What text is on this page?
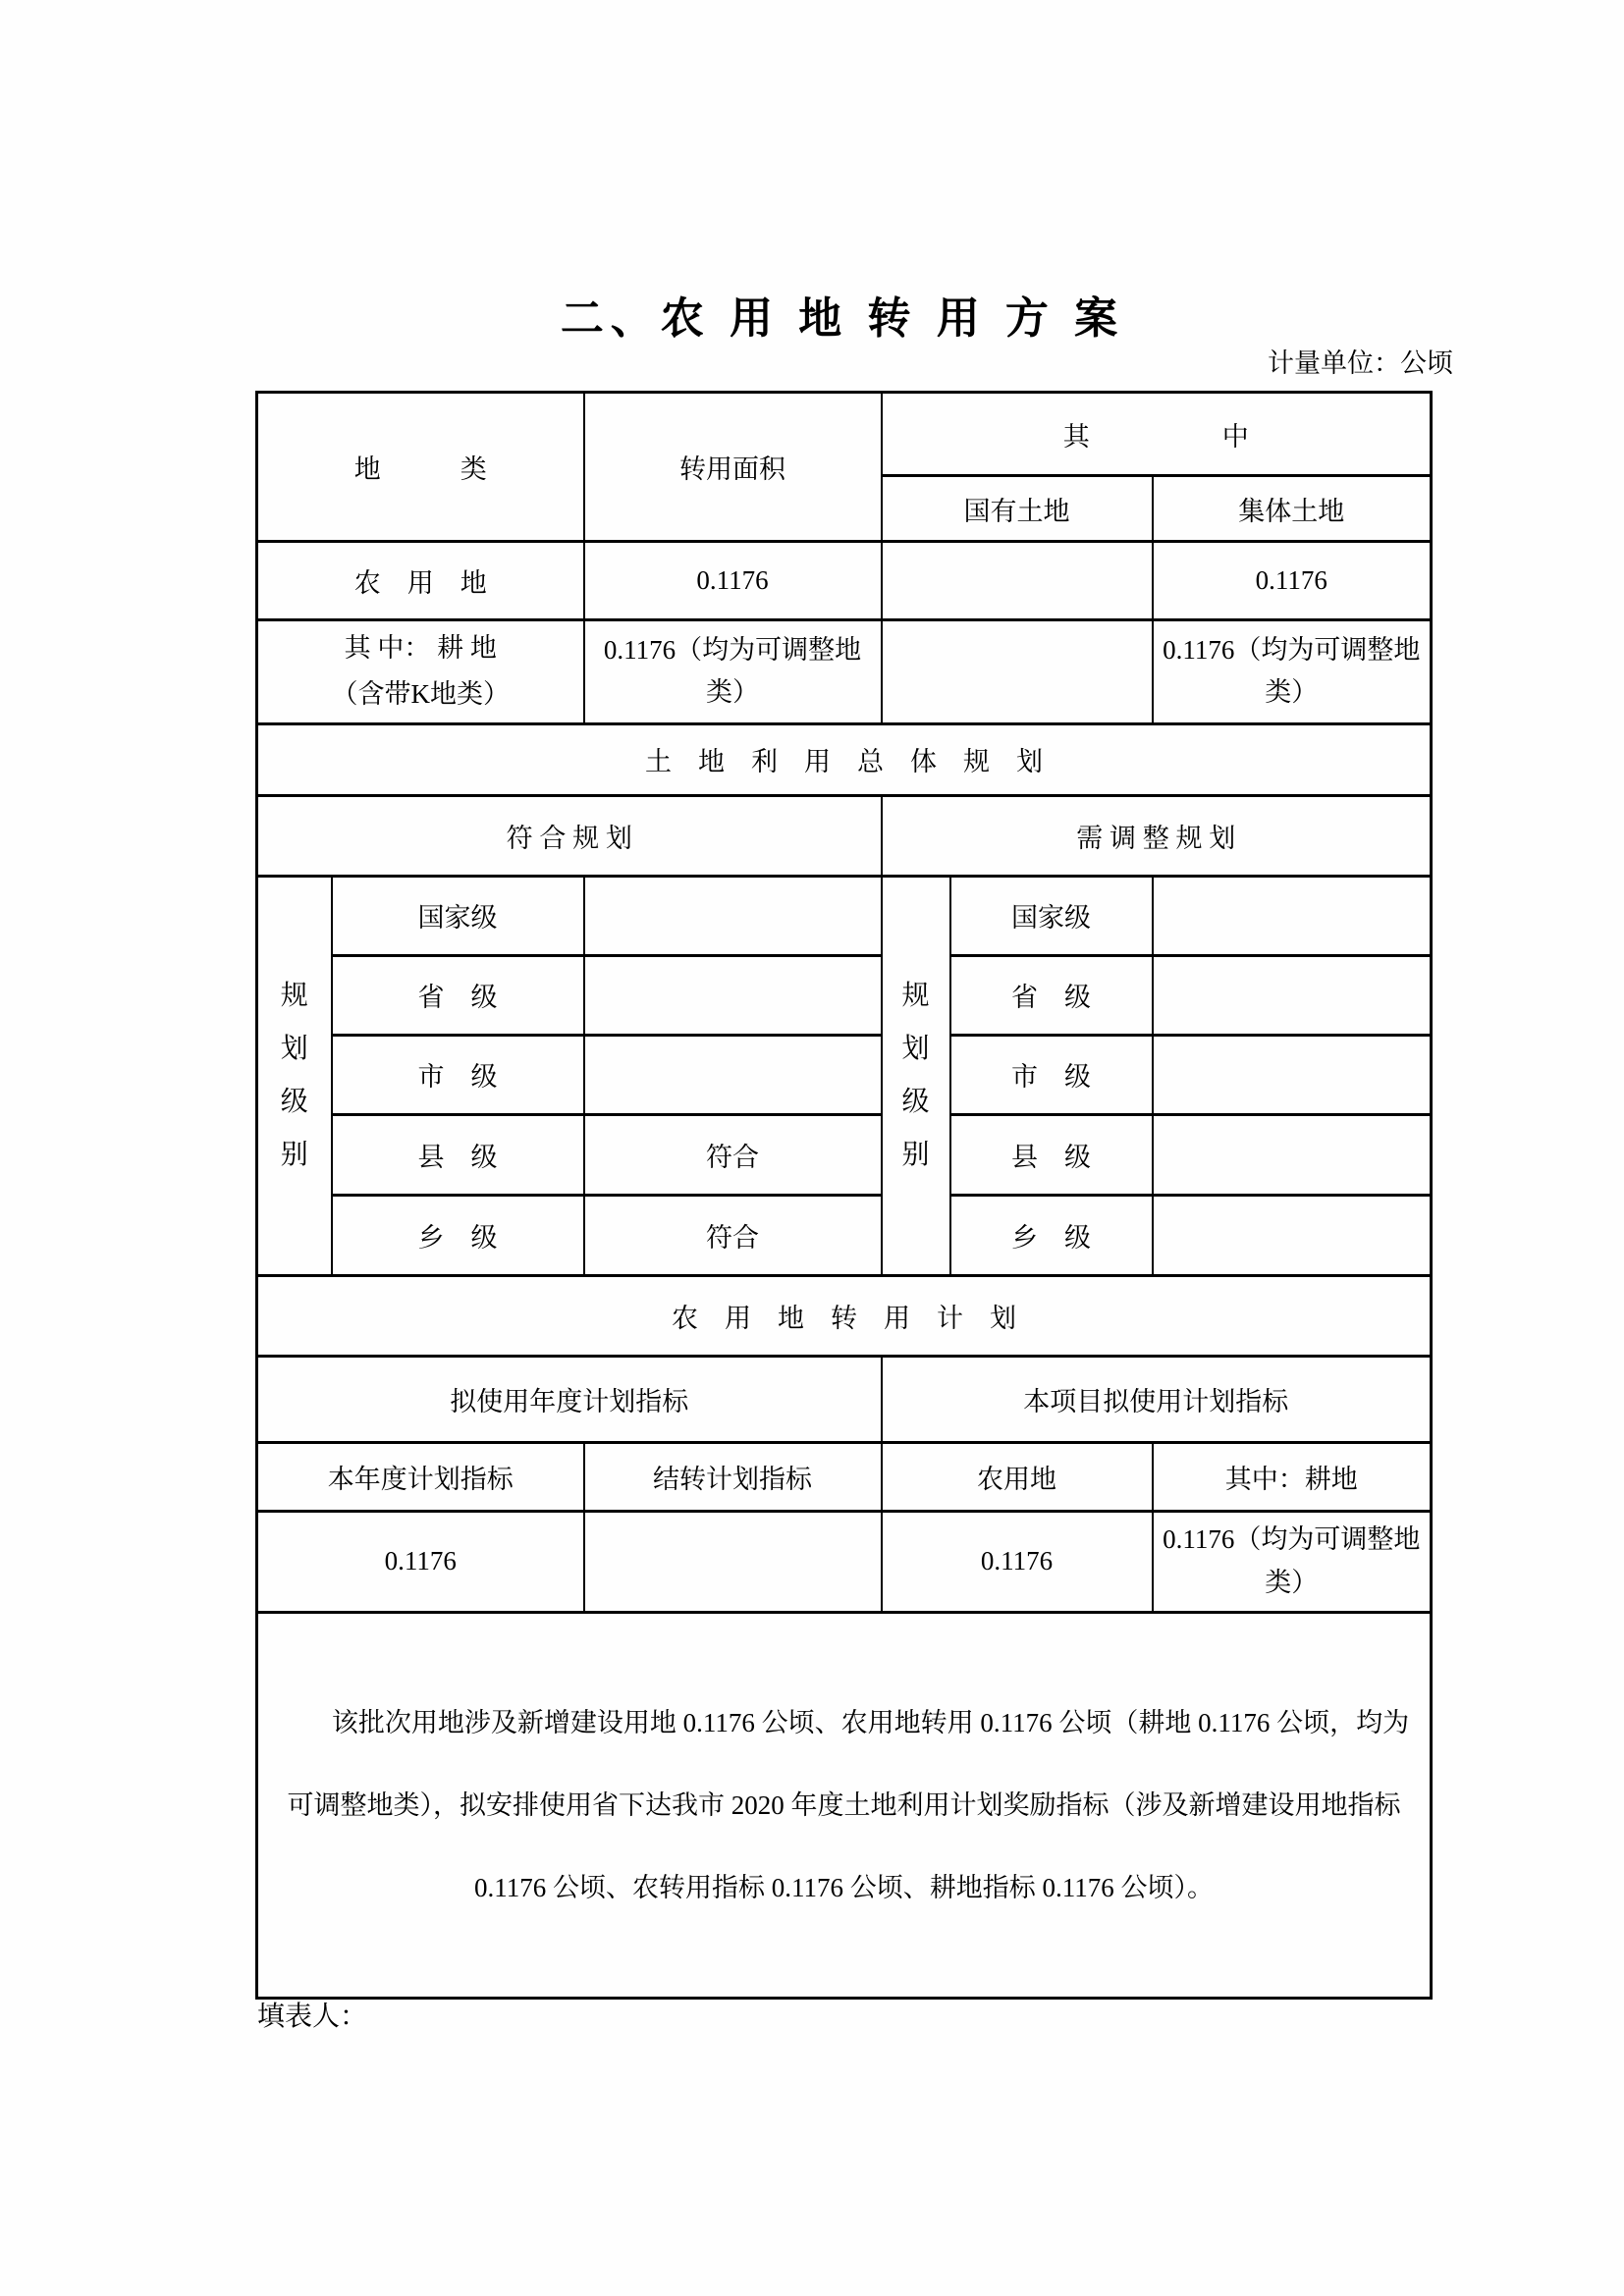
二、农 用 地 转 用 方 案
计量单位：公顷
地　　　类		转用面积	其　　　　　中		
			国有土地		集体土地
农　用　地		0.1176			0.1176

其 中： 耕 地
（含带K地类）		0.1176（均为可调整地类）			0.1176（均为可调整地类）
土　地　利　用　总　体　规　划					
符 合 规 划			需 调 整 规 划		

规划级别	国家级		规划级别	国家级	
	省　级			省　级	
	市　级			市　级	
	县　级	符合		县　级	
	乡　级	符合		乡　级	
农　用　地　转　用　计　划					
拟使用年度计划指标			本项目拟使用计划指标		
本年度计划指标		结转计划指标	农用地		其中：耕地
0.1176			0.1176		0.1176（均为可调整地类）
　　该批次用地涉及新增建设用地 0.1176 公顷、农用地转用 0.1176 公顷（耕地 0.1176 公顷，均为可调整地类），拟安排使用省下达我市 2020 年度土地利用计划奖励指标（涉及新增建设用地指标 0.1176 公顷、农转用指标 0.1176 公顷、耕地指标 0.1176 公顷）。					
填表人：
